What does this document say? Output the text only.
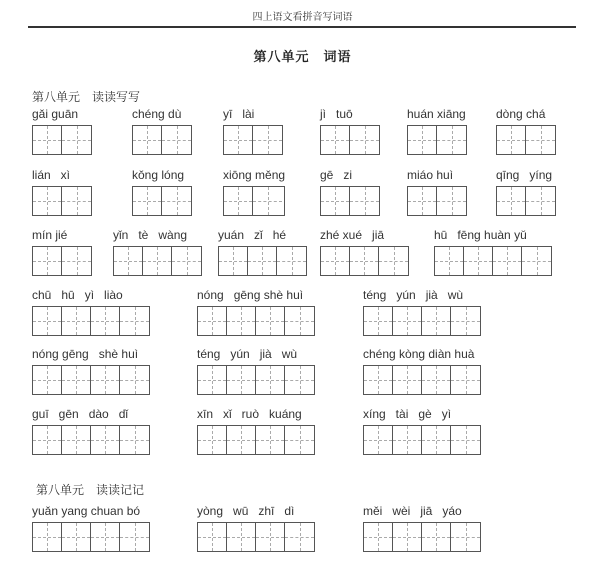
四上语文看拼音写词语
第八单元　词语
第八单元　读读写写
gǎi guān	chéng dù	yī   lài	jì   tuō	huán xiāng	dòng chá
lián   xì	kǒng lóng	xiōng měng	gē   zi	miáo huì	qīng   yíng
mín jié	yǐn   tè   wàng	yuán   zǐ   hé	zhé xué   jiā	hū   fēng huàn yǔ
chū   hū   yì   liào	nóng   gēng shè huì	téng   yún   jià   wù
nóng gēng   shè huì	téng   yún   jià   wù	chéng kòng diàn huà
guī   gēn   dào   dǐ	xīn   xǐ   ruò   kuáng	xíng   tài   gè   yì
第八单元　读读记记
yuǎn yang chuan bó	yòng   wū   zhī   dì	měi   wèi   jiā   yáo
